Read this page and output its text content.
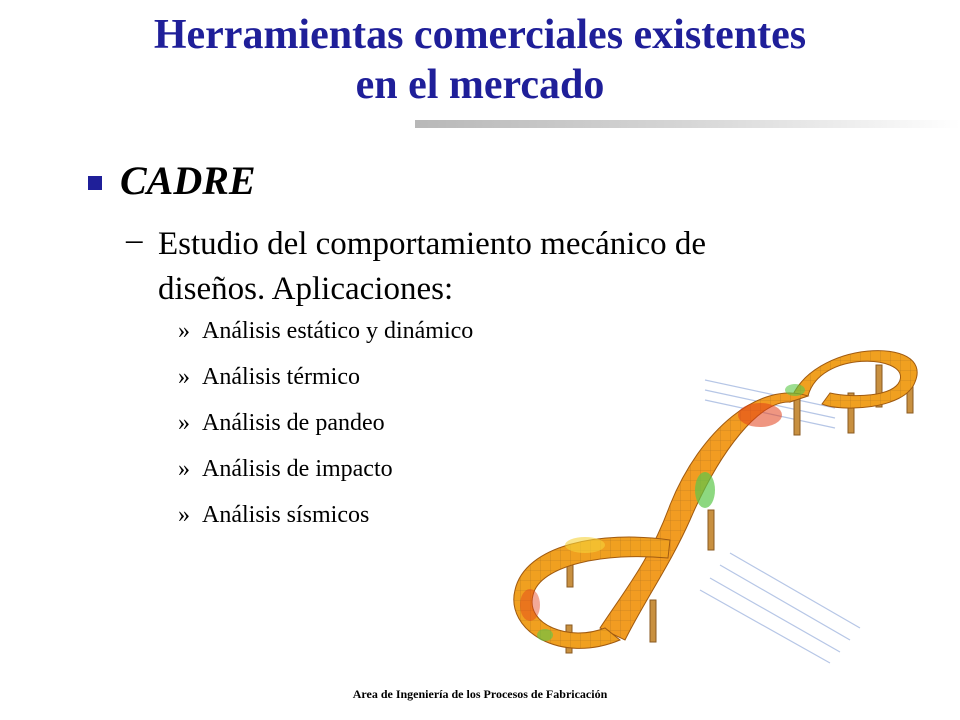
Herramientas comerciales existentes
en el mercado
CADRE
– Estudio del comportamiento mecánico de diseños. Aplicaciones:
» Análisis estático y dinámico
» Análisis térmico
» Análisis de pandeo
» Análisis de impacto
» Análisis sísmicos
Area de Ingeniería de los Procesos de Fabricación
